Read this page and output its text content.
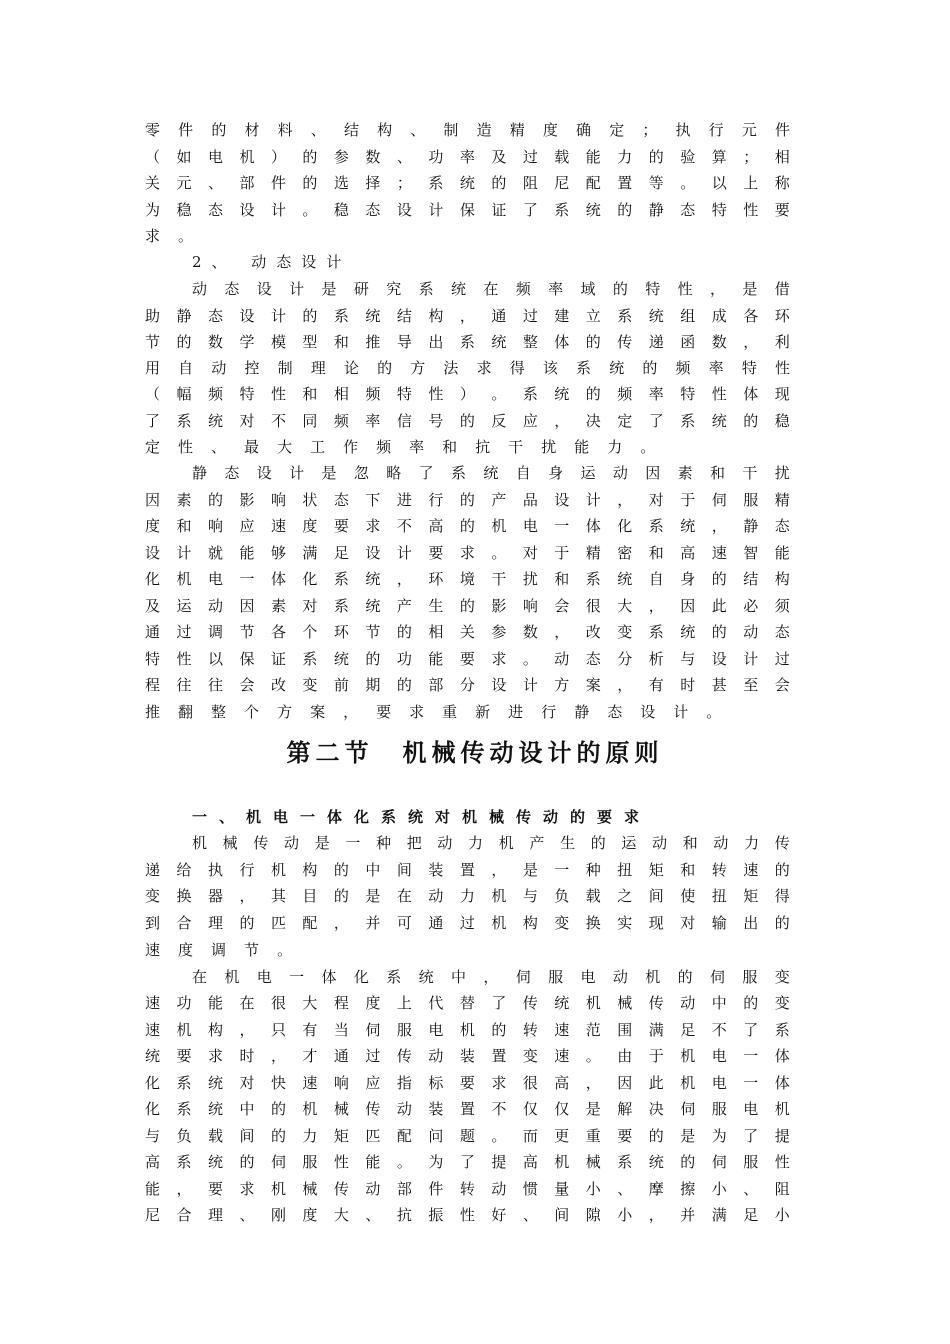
零 件 的 材 料 、 结 构 、 制 造 精 度 确 定 ； 执 行 元 件
（ 如 电 机 ） 的 参 数 、 功 率 及 过 载 能 力 的 验 算 ； 相
关 元 、 部 件 的 选 择 ； 系 统 的 阻 尼 配 置 等 。 以 上 称
为 稳 态 设 计 。 稳 态 设 计 保 证 了 系 统 的 静 态 特 性 要
求 。
2、 动态设计
动 态 设 计 是 研 究 系 统 在 频 率 域 的 特 性 ， 是 借
助 静 态 设 计 的 系 统 结 构 ， 通 过 建 立 系 统 组 成 各 环
节 的 数 学 模 型 和 推 导 出 系 统 整 体 的 传 递 函 数 ， 利
用 自 动 控 制 理 论 的 方 法 求 得 该 系 统 的 频 率 特 性
（ 幅 频 特 性 和 相 频 特 性 ） 。 系 统 的 频 率 特 性 体 现
了 系 统 对 不 同 频 率 信 号 的 反 应 ， 决 定 了 系 统 的 稳
定 性 、 最 大 工 作 频 率 和 抗 干 扰 能 力 。
静 态 设 计 是 忽 略 了 系 统 自 身 运 动 因 素 和 干 扰
因 素 的 影 响 状 态 下 进 行 的 产 品 设 计 ， 对 于 伺 服 精
度 和 响 应 速 度 要 求 不 高 的 机 电 一 体 化 系 统 ， 静 态
设 计 就 能 够 满 足 设 计 要 求 。 对 于 精 密 和 高 速 智 能
化 机 电 一 体 化 系 统 ， 环 境 干 扰 和 系 统 自 身 的 结 构
及 运 动 因 素 对 系 统 产 生 的 影 响 会 很 大 ， 因 此 必 须
通 过 调 节 各 个 环 节 的 相 关 参 数 ， 改 变 系 统 的 动 态
特 性 以 保 证 系 统 的 功 能 要 求 。 动 态 分 析 与 设 计 过
程 往 往 会 改 变 前 期 的 部 分 设 计 方 案 ， 有 时 甚 至 会
推 翻 整 个 方 案 ， 要 求 重 新 进 行 静 态 设 计 。
第二节　机械传动设计的原则
一、机电一体化系统对机械传动的要求
机 械 传 动 是 一 种 把 动 力 机 产 生 的 运 动 和 动 力 传
递 给 执 行 机 构 的 中 间 装 置 ， 是 一 种 扭 矩 和 转 速 的
变 换 器 ， 其 目 的 是 在 动 力 机 与 负 载 之 间 使 扭 矩 得
到 合 理 的 匹 配 ， 并 可 通 过 机 构 变 换 实 现 对 输 出 的
速 度 调 节 。
在 机 电 一 体 化 系 统 中 ， 伺 服 电 动 机 的 伺 服 变
速 功 能 在 很 大 程 度 上 代 替 了 传 统 机 械 传 动 中 的 变
速 机 构 ， 只 有 当 伺 服 电 机 的 转 速 范 围 满 足 不 了 系
统 要 求 时 ， 才 通 过 传 动 装 置 变 速 。 由 于 机 电 一 体
化 系 统 对 快 速 响 应 指 标 要 求 很 高 ， 因 此 机 电 一 体
化 系 统 中 的 机 械 传 动 装 置 不 仅 仅 是 解 决 伺 服 电 机
与 负 载 间 的 力 矩 匹 配 问 题 。 而 更 重 要 的 是 为 了 提
高 系 统 的 伺 服 性 能 。 为 了 提 高 机 械 系 统 的 伺 服 性
能 ， 要 求 机 械 传 动 部 件 转 动 惯 量 小 、 摩 擦 小 、 阻
尼 合 理 、 刚 度 大 、 抗 振 性 好 、 间 隙 小 ， 并 满 足 小
